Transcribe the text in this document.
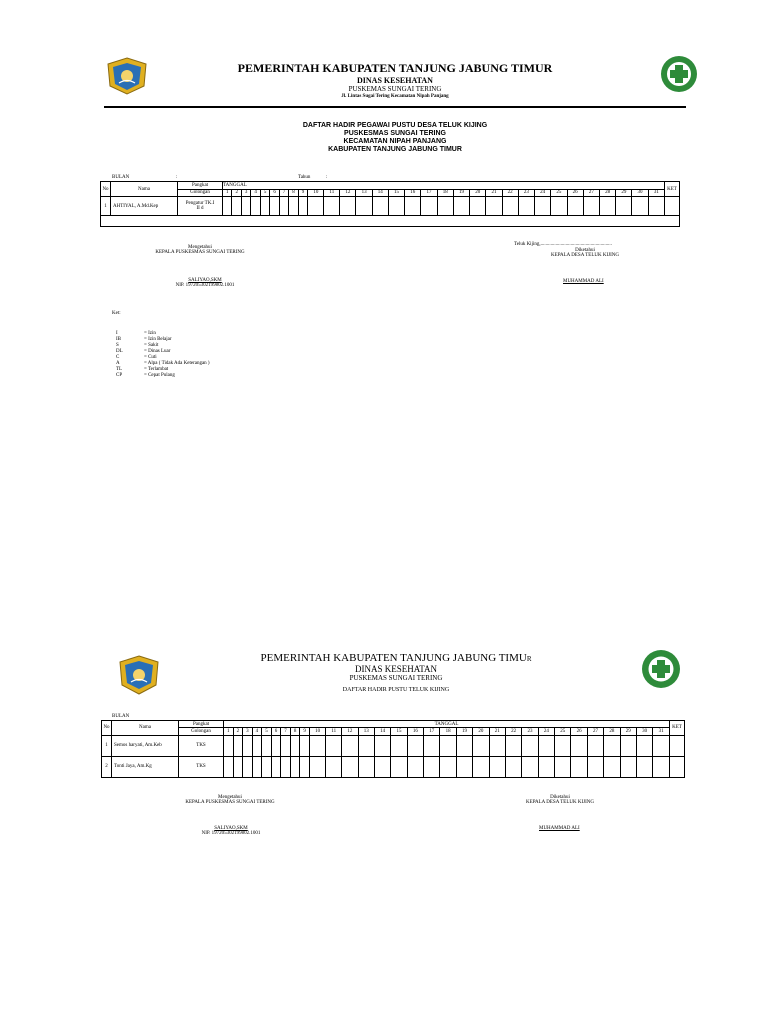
PEMERINTAH KABUPATEN TANJUNG JABUNG TIMUR
DINAS KESEHATAN
PUSKEMAS SUNGAI TERING
Jl. Lintas Sugai Tering Kecamatan Nipah Panjang
DAFTAR HADIR PEGAWAI PUSTU DESA TELUK KIJING
PUSKESMAS SUNGAI TERING
KECAMATAN NIPAH PANJANG
KABUPATEN TANJUNG JABUNG TIMUR
BULAN	:	Tahun	:
No	Nama	Pangkat	TANGGAL																															KET
		Golongan	1	2	3	4	5	6	7	8	9	10	11	12	13	14	15	16	17	18	19	20	21	22	23	24	25	26	27	28	29	30	31	
1	AHTIYAL, A.Md.Kep	Pengatur TK.I
II d																																

Mengetahui
KEPALA PUSKESMAS SUNGAI TERING
SALIYAO,SKM
NIP. 197205302199802.1001
Teluk Kijing,.........................................................
Diketahui
KEPALA DESA TELUK KIJING
MUHAMMAD ALI
Ket:
I	= Izin
IB	= Izin Belajar
S	= Sakit
DL	= Dinas Luar
C	= Cuti
A	= Alpa ( Tidak Ada Keterangan )
TL	= Terlambat
CP	= Cepat Pulang
PEMERINTAH KABUPATEN TANJUNG JABUNG TIMUR
DINAS KESEHATAN
PUSKEMAS SUNGAI TERING
DAFTAR HADIR PUSTU TELUK KIJING
BULAN
No	Nama	Pangkat	TANGGAL																															KET
		Golongan	1	2	3	4	5	6	7	8	9	10	11	12	13	14	15	16	17	18	19	20	21	22	23	24	25	26	27	28	29	30	31	
1	Semos haryati, Am.Keb	TKS																																

2	Tonti Jaya, Am.Kg	TKS																																

Mengetahui
KEPALA PUSKESMAS SUNGAI TERING
SALIYAO,SKM
NIP. 197205302199802.1001
Diketahui
KEPALA DESA TELUK KIJING
MUHAMMAD ALI
